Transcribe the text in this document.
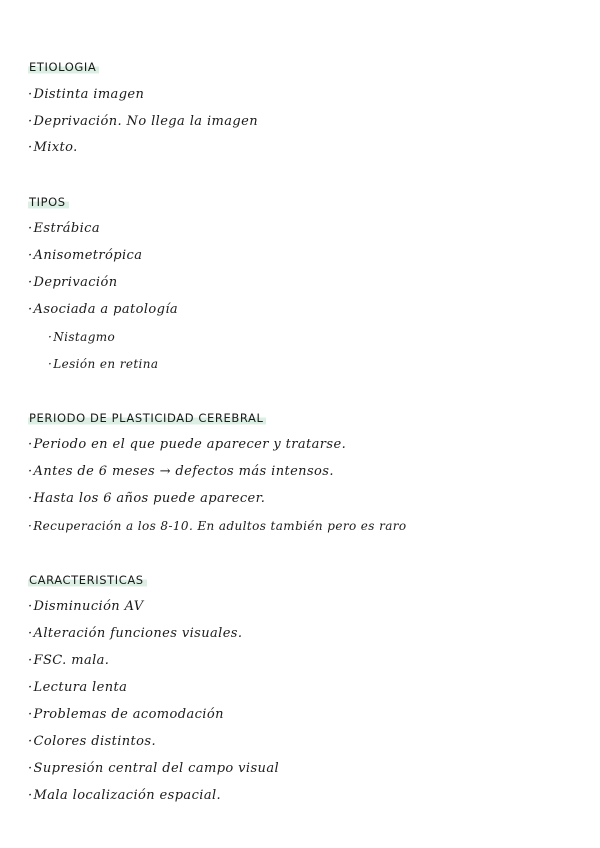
ETIOLOGIA
·Distinta imagen
·Deprivación. No llega la imagen
·Mixto.
TIPOS
·Estrábica
·Anisometrópica
·Deprivación
·Asociada a patología
·Nistagmo
·Lesión en retina
PERIODO DE PLASTICIDAD CEREBRAL
·Periodo en el que puede aparecer y tratarse.
·Antes de 6 meses → defectos más intensos.
·Hasta los 6 años puede aparecer.
·Recuperación a los 8-10. En adultos también pero es raro
CARACTERISTICAS
·Disminución AV
·Alteración funciones visuales.
·FSC. mala.
·Lectura lenta
·Problemas de acomodación
·Colores distintos.
·Supresión central del campo visual
·Mala localización espacial.
